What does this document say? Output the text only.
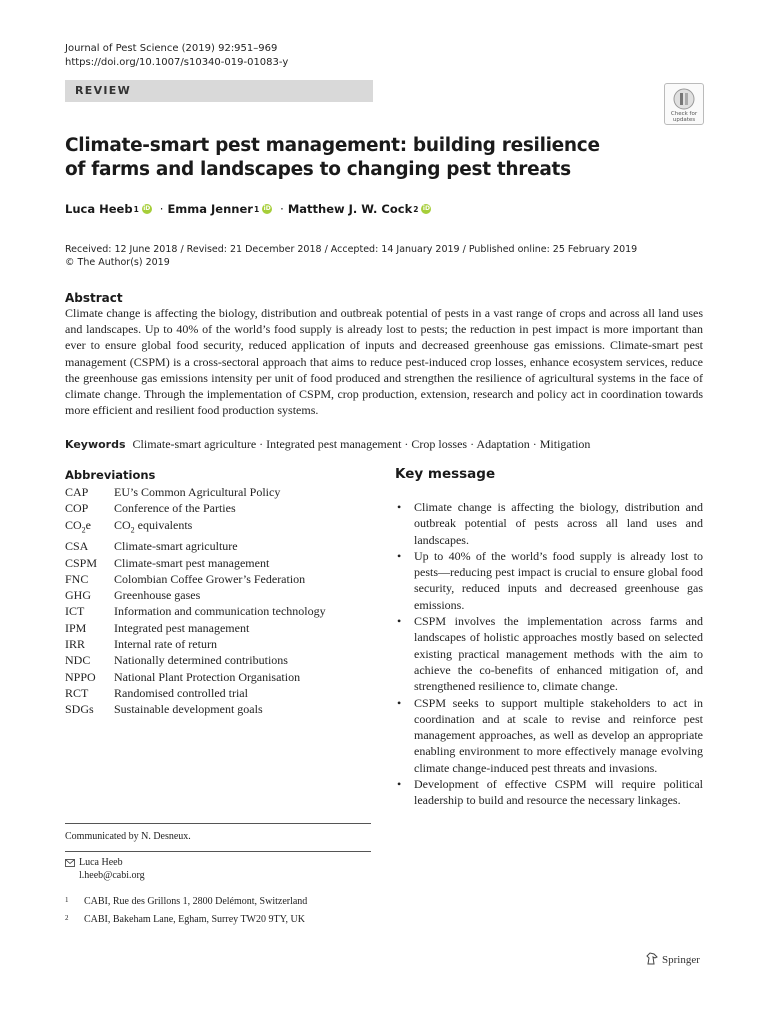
Journal of Pest Science (2019) 92:951–969
https://doi.org/10.1007/s10340-019-01083-y
REVIEW
Check for
updates
Climate-smart pest management: building resilience of farms and landscapes to changing pest threats
Luca Heeb 1 iD · Emma Jenner 1 iD · Matthew J. W. Cock 2 iD
Received: 12 June 2018 / Revised: 21 December 2018 / Accepted: 14 January 2019 / Published online: 25 February 2019
© The Author(s) 2019
Abstract
Climate change is affecting the biology, distribution and outbreak potential of pests in a vast range of crops and across all land uses and landscapes. Up to 40% of the world’s food supply is already lost to pests; the reduction in pest impact is more important than ever to ensure global food security, reduced application of inputs and decreased greenhouse gas emissions. Climate-smart pest management (CSPM) is a cross-sectoral approach that aims to reduce pest-induced crop losses, enhance ecosystem services, reduce the greenhouse gas emissions intensity per unit of food produced and strengthen the resilience of agricultural systems in the face of climate change. Through the implementation of CSPM, crop production, extension, research and policy act in coordination towards more efficient and resilient food production systems.
Keywords Climate-smart agriculture · Integrated pest management · Crop losses · Adaptation · Mitigation
Abbreviations
CAP	EU’s Common Agricultural Policy
COP	Conference of the Parties
$CO_2e$	$CO_2$ equivalents
CSA	Climate-smart agriculture
CSPM	Climate-smart pest management
FNC	Colombian Coffee Grower’s Federation
GHG	Greenhouse gases
ICT	Information and communication technology
IPM	Integrated pest management
IRR	Internal rate of return
NDC	Nationally determined contributions
NPPO	National Plant Protection Organisation
RCT	Randomised controlled trial
SDGs	Sustainable development goals
Key message
•	Climate change is affecting the biology, distribution and outbreak potential of pests across all land uses and landscapes.
•	Up to 40% of the world’s food supply is already lost to pests—reducing pest impact is crucial to ensure global food security, reduced inputs and decreased greenhouse gas emissions.
•	CSPM involves the implementation across farms and landscapes of holistic approaches mostly based on selected existing practical management methods with the aim to achieve the co-benefits of enhanced mitigation of, and strengthened resilience to, climate change.
•	CSPM seeks to support multiple stakeholders to act in coordination and at scale to revise and reinforce pest management approaches, as well as develop an appropriate enabling environment to more effectively manage evolving climate change-induced pest threats and invasions.
•	Development of effective CSPM will require political leadership to build and resource the necessary linkages.
Communicated by N. Desneux.
Luca Heeb
l.heeb@cabi.org
1	CABI, Rue des Grillons 1, 2800 Delémont, Switzerland
2	CABI, Bakeham Lane, Egham, Surrey TW20 9TY, UK
Springer
